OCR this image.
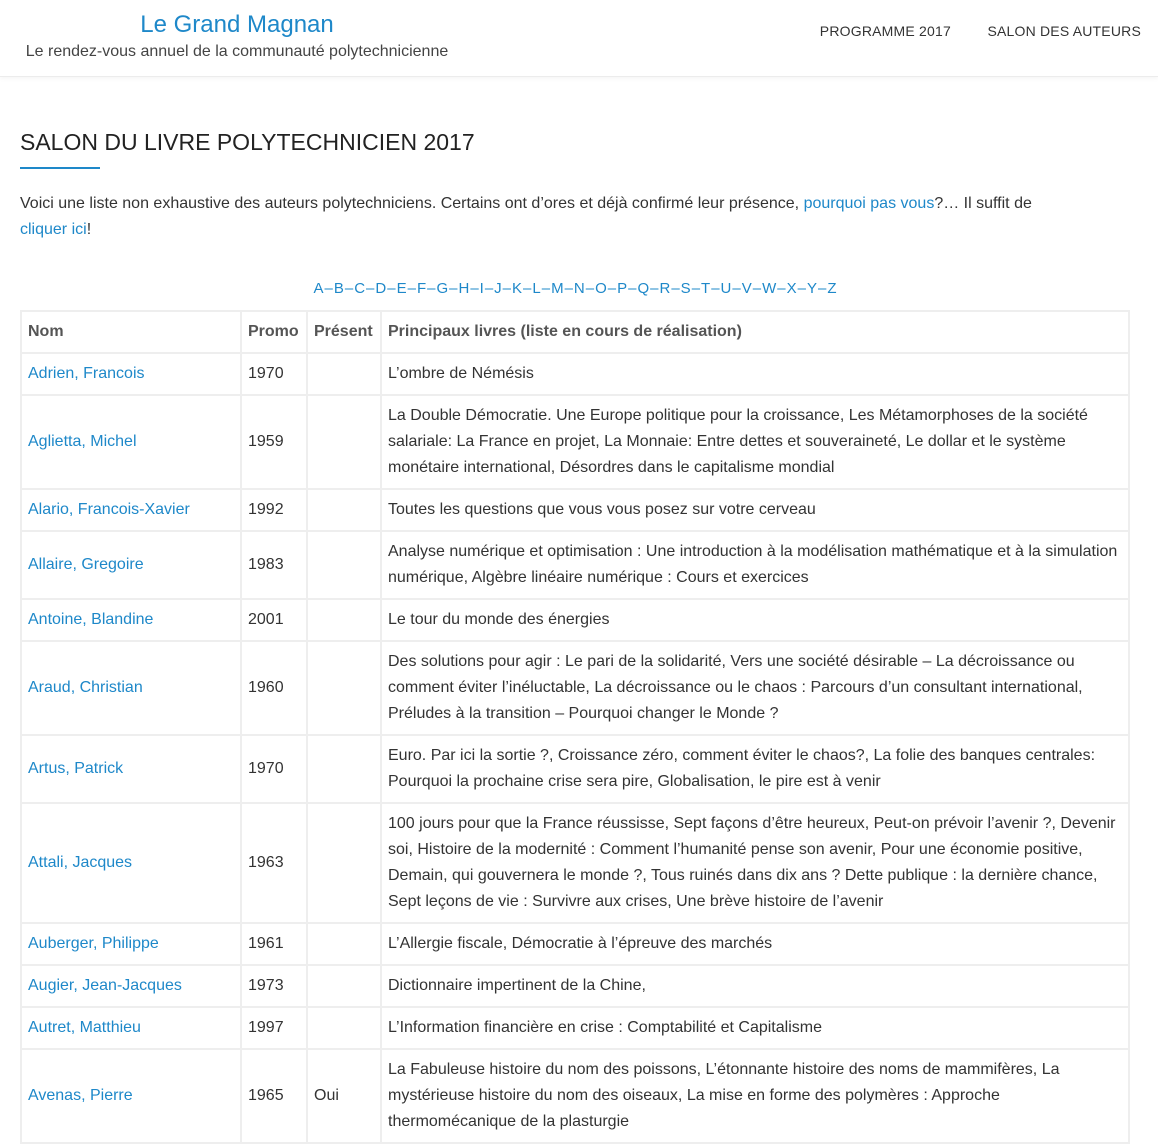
Le Grand Magnan
Le rendez-vous annuel de la communauté polytechnicienne
PROGRAMME 2017	SALON DES AUTEURS
SALON DU LIVRE POLYTECHNICIEN 2017

Voici une liste non exhaustive des auteurs polytechniciens. Certains ont d’ores et déjà confirmé leur présence, pourquoi pas vous?… Il suffit de
cliquer ici!

A–B–C–D–E–F–G–H–I–J–K–L–M–N–O–P–Q–R–S–T–U–V–W–X–Y–Z
Nom	Promo	Présent	Principaux livres (liste en cours de réalisation)
Adrien, Francois	1970		L’ombre de Némésis
Aglietta, Michel	1959		La Double Démocratie. Une Europe politique pour la croissance, Les Métamorphoses de la société salariale: La France en projet, La Monnaie: Entre dettes et souveraineté, Le dollar et le système monétaire international, Désordres dans le capitalisme mondial
Alario, Francois-Xavier	1992		Toutes les questions que vous vous posez sur votre cerveau
Allaire, Gregoire	1983		Analyse numérique et optimisation : Une introduction à la modélisation mathématique et à la simulation numérique, Algèbre linéaire numérique : Cours et exercices
Antoine, Blandine	2001		Le tour du monde des énergies
Araud, Christian	1960		Des solutions pour agir : Le pari de la solidarité, Vers une société désirable – La décroissance ou comment éviter l’inéluctable, La décroissance ou le chaos : Parcours d’un consultant international, Préludes à la transition – Pourquoi changer le Monde ?
Artus, Patrick	1970		Euro. Par ici la sortie ?, Croissance zéro, comment éviter le chaos?, La folie des banques centrales: Pourquoi la prochaine crise sera pire, Globalisation, le pire est à venir
Attali, Jacques	1963		100 jours pour que la France réussisse, Sept façons d’être heureux, Peut-on prévoir l’avenir ?, Devenir soi, Histoire de la modernité : Comment l’humanité pense son avenir, Pour une économie positive, Demain, qui gouvernera le monde ?, Tous ruinés dans dix ans ? Dette publique : la dernière chance, Sept leçons de vie : Survivre aux crises, Une brève histoire de l’avenir
Auberger, Philippe	1961		L’Allergie fiscale, Démocratie à l’épreuve des marchés
Augier, Jean-Jacques	1973		Dictionnaire impertinent de la Chine,
Autret, Matthieu	1997		L’Information financière en crise : Comptabilité et Capitalisme
Avenas, Pierre	1965	Oui	La Fabuleuse histoire du nom des poissons, L’étonnante histoire des noms de mammifères, La mystérieuse histoire du nom des oiseaux, La mise en forme des polymères : Approche thermomécanique de la plasturgie
